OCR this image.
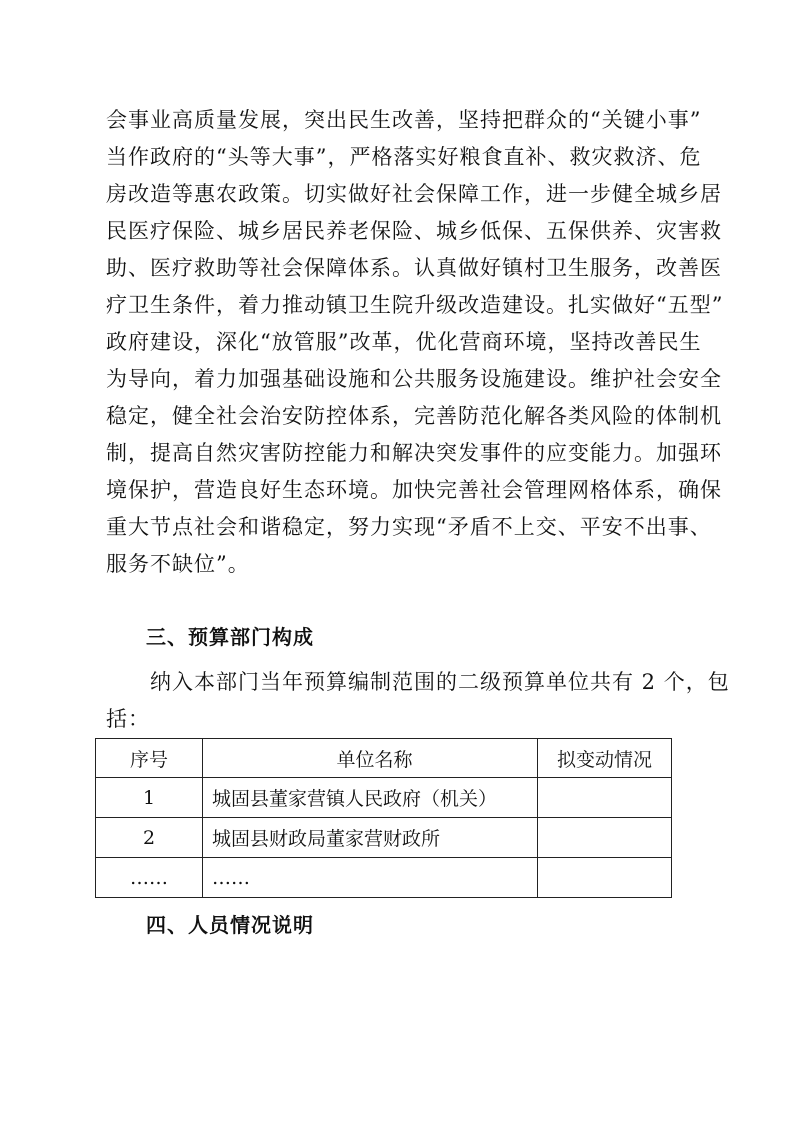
会事业高质量发展，突出民生改善，坚持把群众的“关键小事”
当作政府的“头等大事”，严格落实好粮食直补、救灾救济、危
房改造等惠农政策。切实做好社会保障工作，进一步健全城乡居
民医疗保险、城乡居民养老保险、城乡低保、五保供养、灾害救
助、医疗救助等社会保障体系。认真做好镇村卫生服务，改善医
疗卫生条件，着力推动镇卫生院升级改造建设。扎实做好“五型”
政府建设，深化“放管服”改革，优化营商环境，坚持改善民生
为导向，着力加强基础设施和公共服务设施建设。维护社会安全
稳定，健全社会治安防控体系，完善防范化解各类风险的体制机
制，提高自然灾害防控能力和解决突发事件的应变能力。加强环
境保护，营造良好生态环境。加快完善社会管理网格体系，确保
重大节点社会和谐稳定，努力实现“矛盾不上交、平安不出事、
服务不缺位”。
三、预算部门构成
　　纳入本部门当年预算编制范围的二级预算单位共有 2 个，包
括：
序号	单位名称	拟变动情况
1	城固县董家营镇人民政府（机关）	
2	城固县财政局董家营财政所	
……	……	
四、人员情况说明
